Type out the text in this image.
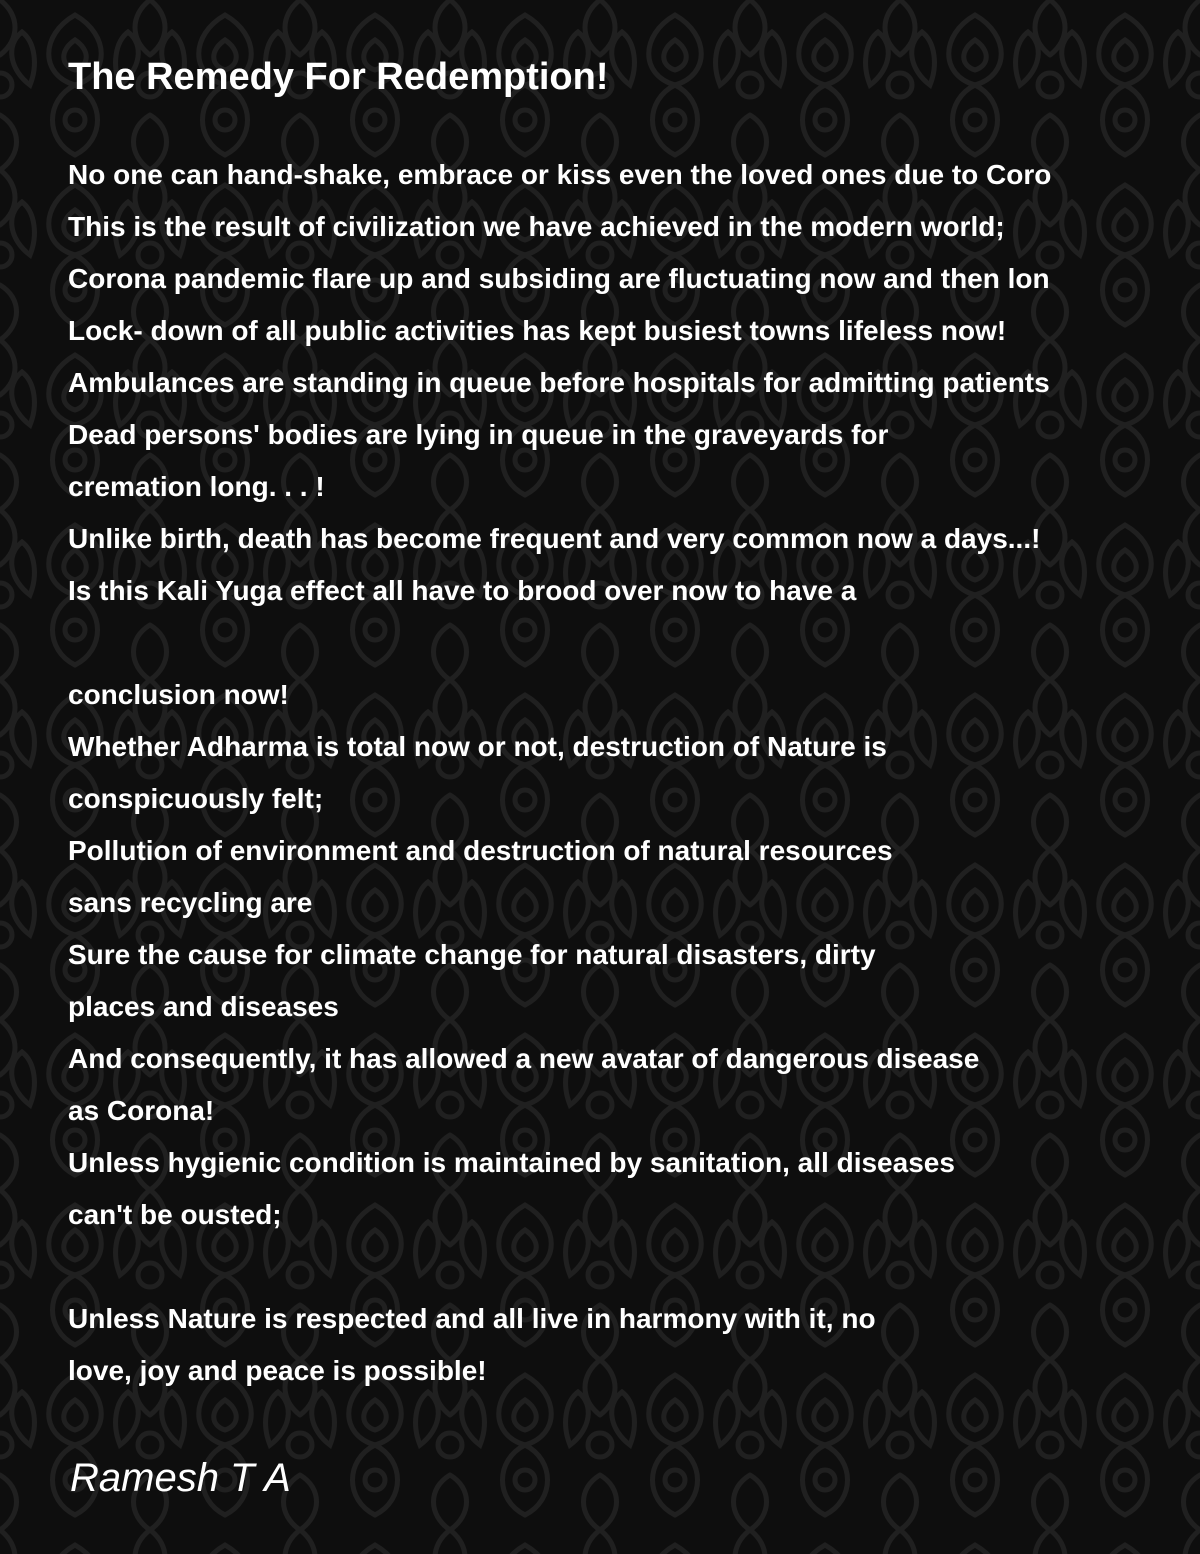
The Remedy For Redemption!
No one can hand-shake, embrace or kiss even the loved ones due to Coro
This is the result of civilization we have achieved in the modern world;
Corona pandemic flare up and subsiding are fluctuating now and then lon
Lock- down of all public activities has kept busiest towns lifeless now!
Ambulances are standing in queue before hospitals for admitting patients
Dead persons' bodies are lying in queue in the graveyards for
cremation long. . . !
Unlike birth, death has become frequent and very common now a days...!
Is this Kali Yuga effect all have to brood over now to have a
conclusion now!
Whether Adharma is total now or not, destruction of Nature is
conspicuously felt;
Pollution of environment and destruction of natural resources
sans recycling are
Sure the cause for climate change for natural disasters, dirty
places and diseases
And consequently, it has allowed a new avatar of dangerous disease
as Corona!
Unless hygienic condition is maintained by sanitation, all diseases
can't be ousted;
Unless Nature is respected and all live in harmony with it, no
love, joy and peace is possible!

Ramesh T A
